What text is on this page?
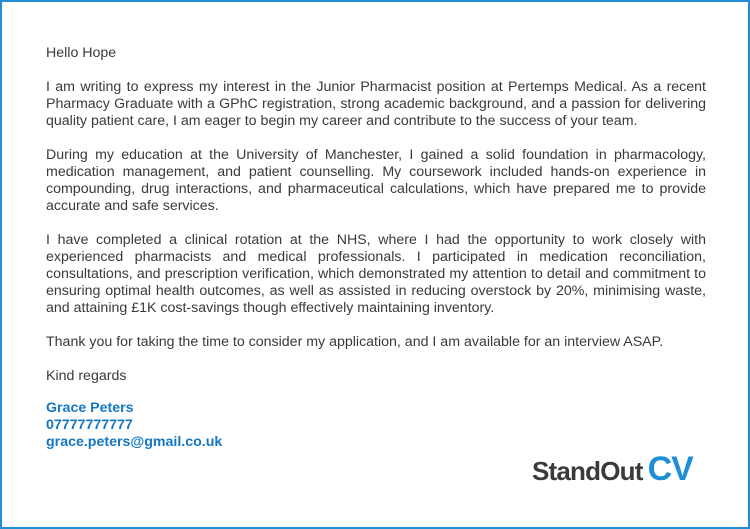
Hello Hope

I am writing to express my interest in the Junior Pharmacist position at Pertemps Medical. As a recent Pharmacy Graduate with a GPhC registration, strong academic background, and a passion for delivering quality patient care, I am eager to begin my career and contribute to the success of your team.

During my education at the University of Manchester, I gained a solid foundation in pharmacology, medication management, and patient counselling. My coursework included hands-on experience in compounding, drug interactions, and pharmaceutical calculations, which have prepared me to provide accurate and safe services.

I have completed a clinical rotation at the NHS, where I had the opportunity to work closely with experienced pharmacists and medical professionals. I participated in medication reconciliation, consultations, and prescription verification, which demonstrated my attention to detail and commitment to ensuring optimal health outcomes, as well as assisted in reducing overstock by 20%, minimising waste, and attaining £1K cost-savings though effectively maintaining inventory.

Thank you for taking the time to consider my application, and I am available for an interview ASAP.

Kind regards

Grace Peters
07777777777
grace.peters@gmail.co.uk
StandOut CV
